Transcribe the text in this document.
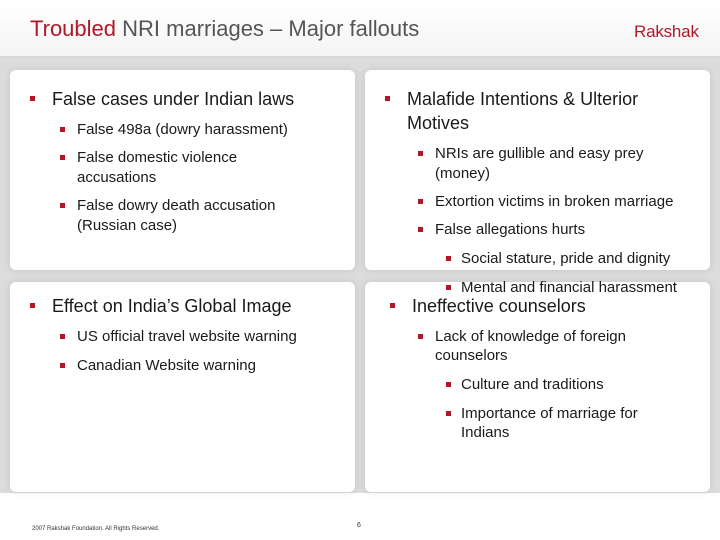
Troubled NRI marriages – Major fallouts	Rakshak
False cases under Indian laws
False 498a (dowry harassment)
False domestic violence
accusations
False dowry death accusation
(Russian case)
Malafide Intentions & Ulterior
Motives
NRIs are gullible and easy prey
(money)
Extortion victims in broken marriage
False allegations hurts
Social stature, pride and dignity
Mental and financial harassment
Effect on India’s Global Image
US official travel website warning
Canadian Website warning
Ineffective counselors
Lack of knowledge of foreign
counselors
Culture and traditions
Importance of marriage for
Indians
2007 Rakshak Foundation. All Rights Reserved.	6
